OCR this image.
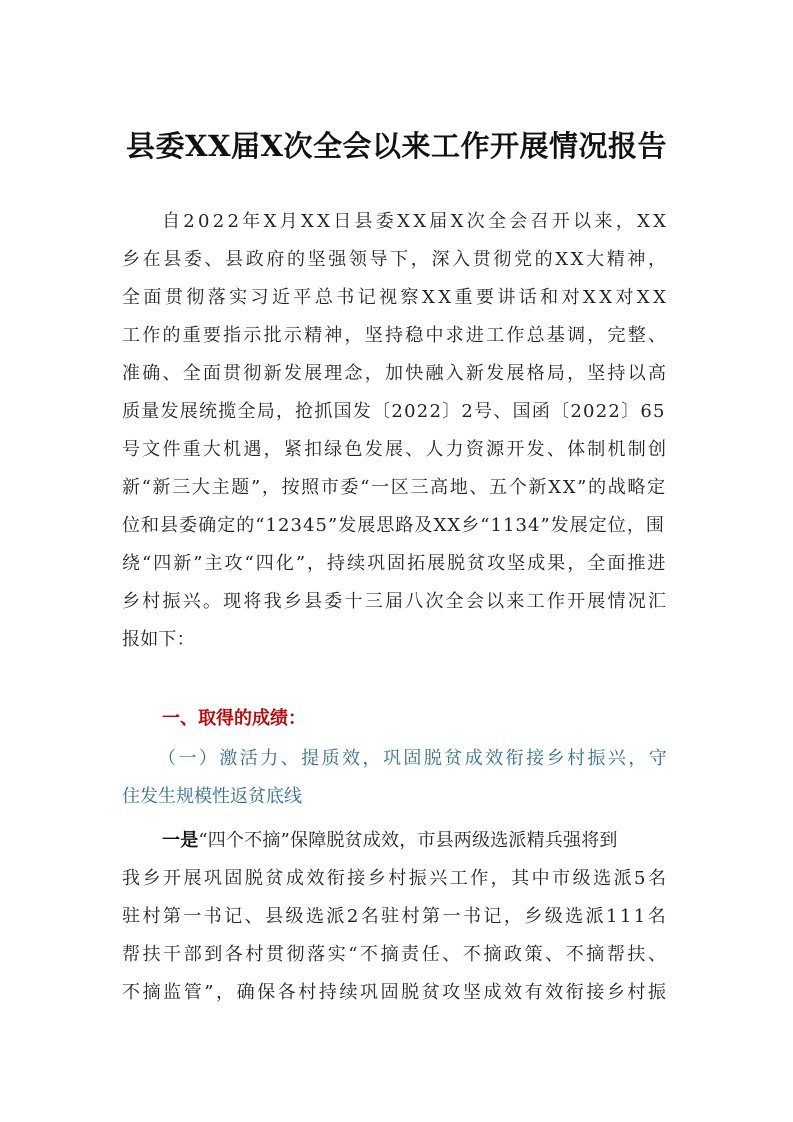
县委XX届X次全会以来工作开展情况报告
自2022年X月XX日县委XX届X次全会召开以来，XX
乡在县委、县政府的坚强领导下，深入贯彻党的XX大精神，
全面贯彻落实习近平总书记视察XX重要讲话和对XX对XX
工作的重要指示批示精神，坚持稳中求进工作总基调，完整、
准确、全面贯彻新发展理念，加快融入新发展格局，坚持以高
质量发展统揽全局，抢抓国发〔2022〕2号、国函〔2022〕65
号文件重大机遇，紧扣绿色发展、人力资源开发、体制机制创
新“新三大主题”，按照市委“一区三高地、五个新XX”的战略定
位和县委确定的“12345”发展思路及XX乡“1134”发展定位，围
绕“四新”主攻“四化”，持续巩固拓展脱贫攻坚成果，全面推进
乡村振兴。现将我乡县委十三届八次全会以来工作开展情况汇
报如下：
一、取得的成绩：
（一）激活力、提质效，巩固脱贫成效衔接乡村振兴，守
住发生规模性返贫底线
一是 “四个不摘”保障脱贫成效，市县两级选派精兵强将到
我乡开展巩固脱贫成效衔接乡村振兴工作，其中市级选派5名
驻村第一书记、县级选派2名驻村第一书记，乡级选派111名
帮扶干部到各村贯彻落实“不摘责任、不摘政策、不摘帮扶、
不摘监管”，确保各村持续巩固脱贫攻坚成效有效衔接乡村振
